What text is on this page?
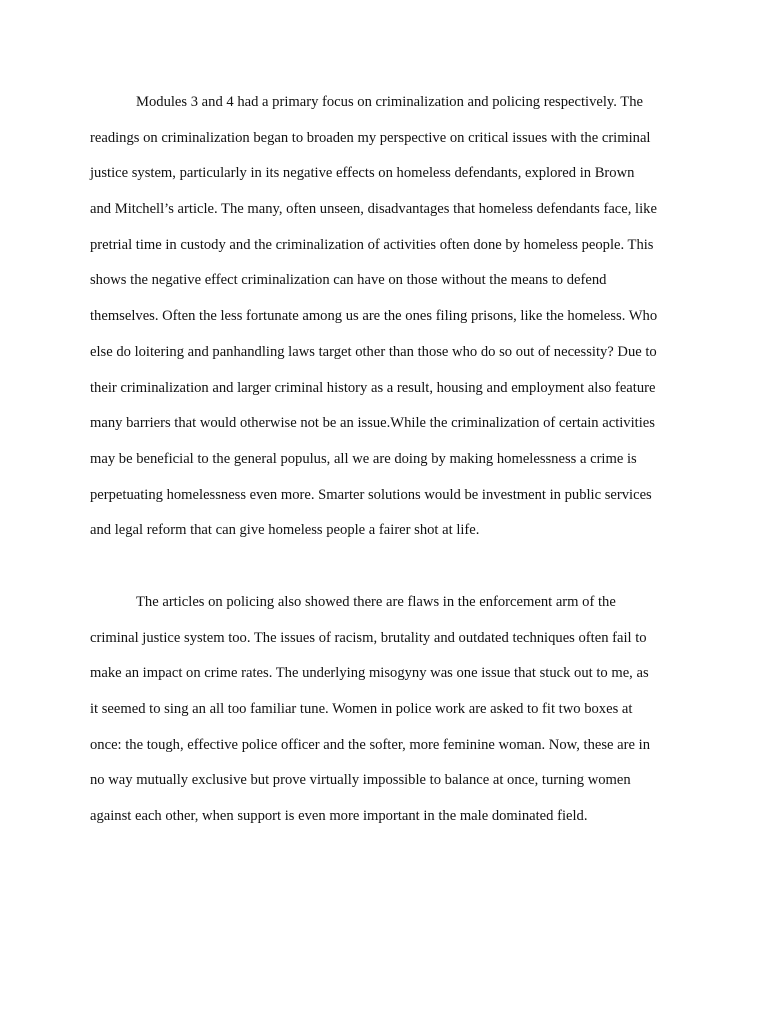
Modules 3 and 4 had a primary focus on criminalization and policing respectively. The
readings on criminalization began to broaden my perspective on critical issues with the criminal
justice system, particularly in its negative effects on homeless defendants, explored in Brown
and Mitchell’s article. The many, often unseen, disadvantages that homeless defendants face, like
pretrial time in custody and the criminalization of activities often done by homeless people. This
shows the negative effect criminalization can have on those without the means to defend
themselves. Often the less fortunate among us are the ones filing prisons, like the homeless. Who
else do loitering and panhandling laws target other than those who do so out of necessity? Due to
their criminalization and larger criminal history as a result, housing and employment also feature
many barriers that would otherwise not be an issue.While the criminalization of certain activities
may be beneficial to the general populus, all we are doing by making homelessness a crime is
perpetuating homelessness even more. Smarter solutions would be investment in public services
and legal reform that can give homeless people a fairer shot at life.
The articles on policing also showed there are flaws in the enforcement arm of the
criminal justice system too. The issues of racism, brutality and outdated techniques often fail to
make an impact on crime rates. The underlying misogyny was one issue that stuck out to me, as
it seemed to sing an all too familiar tune. Women in police work are asked to fit two boxes at
once: the tough, effective police officer and the softer, more feminine woman. Now, these are in
no way mutually exclusive but prove virtually impossible to balance at once, turning women
against each other, when support is even more important in the male dominated field.
